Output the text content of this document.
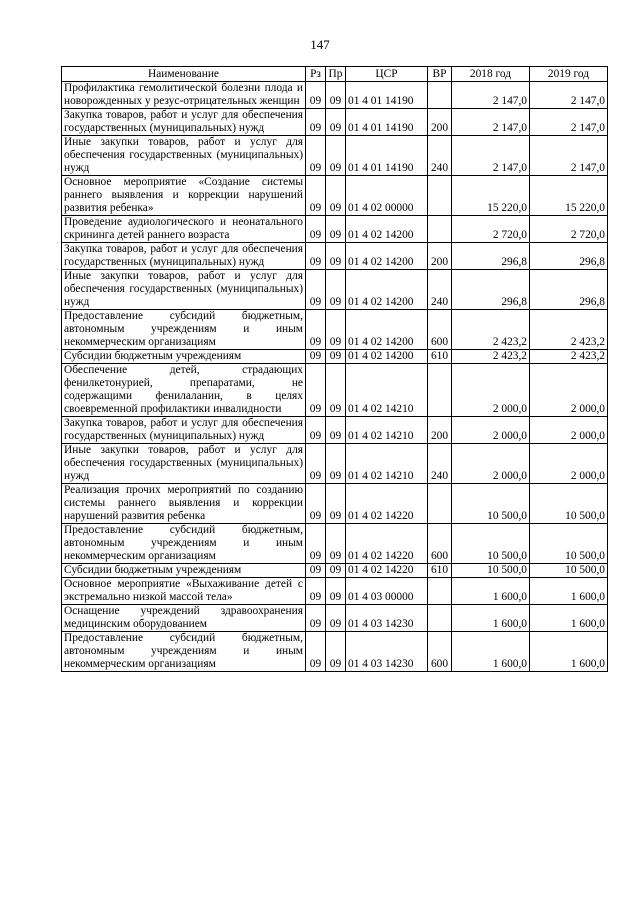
147
Наименование	Рз	Пр	ЦСР	ВР	2018 год	2019 год
Профилактика гемолитической болезни плода и новорожденных у резус-отрицательных женщин	09	09	01 4 01 14190		2 147,0	2 147,0
Закупка товаров, работ и услуг для обеспечения государственных (муниципальных) нужд	09	09	01 4 01 14190	200	2 147,0	2 147,0
Иные закупки товаров, работ и услуг для обеспечения государственных (муниципальных) нужд	09	09	01 4 01 14190	240	2 147,0	2 147,0
Основное мероприятие «Создание системы раннего выявления и коррекции нарушений развития ребенка»	09	09	01 4 02 00000		15 220,0	15 220,0
Проведение аудиологического и неонатального скрининга детей раннего возраста	09	09	01 4 02 14200		2 720,0	2 720,0
Закупка товаров, работ и услуг для обеспечения государственных (муниципальных) нужд	09	09	01 4 02 14200	200	296,8	296,8
Иные закупки товаров, работ и услуг для обеспечения государственных (муниципальных) нужд	09	09	01 4 02 14200	240	296,8	296,8
Предоставление субсидий бюджетным, автономным учреждениям и иным некоммерческим организациям	09	09	01 4 02 14200	600	2 423,2	2 423,2
Субсидии бюджетным учреждениям	09	09	01 4 02 14200	610	2 423,2	2 423,2
Обеспечение детей, страдающих фенилкетонурией, препаратами, не содержащими фенилаланин, в целях своевременной профилактики инвалидности	09	09	01 4 02 14210		2 000,0	2 000,0
Закупка товаров, работ и услуг для обеспечения государственных (муниципальных) нужд	09	09	01 4 02 14210	200	2 000,0	2 000,0
Иные закупки товаров, работ и услуг для обеспечения государственных (муниципальных) нужд	09	09	01 4 02 14210	240	2 000,0	2 000,0
Реализация прочих мероприятий по созданию системы раннего выявления и коррекции нарушений развития ребенка	09	09	01 4 02 14220		10 500,0	10 500,0
Предоставление субсидий бюджетным, автономным учреждениям и иным некоммерческим организациям	09	09	01 4 02 14220	600	10 500,0	10 500,0
Субсидии бюджетным учреждениям	09	09	01 4 02 14220	610	10 500,0	10 500,0
Основное мероприятие «Выхаживание детей с экстремально низкой массой тела»	09	09	01 4 03 00000		1 600,0	1 600,0
Оснащение учреждений здравоохранения медицинским оборудованием	09	09	01 4 03 14230		1 600,0	1 600,0
Предоставление субсидий бюджетным, автономным учреждениям и иным некоммерческим организациям	09	09	01 4 03 14230	600	1 600,0	1 600,0
